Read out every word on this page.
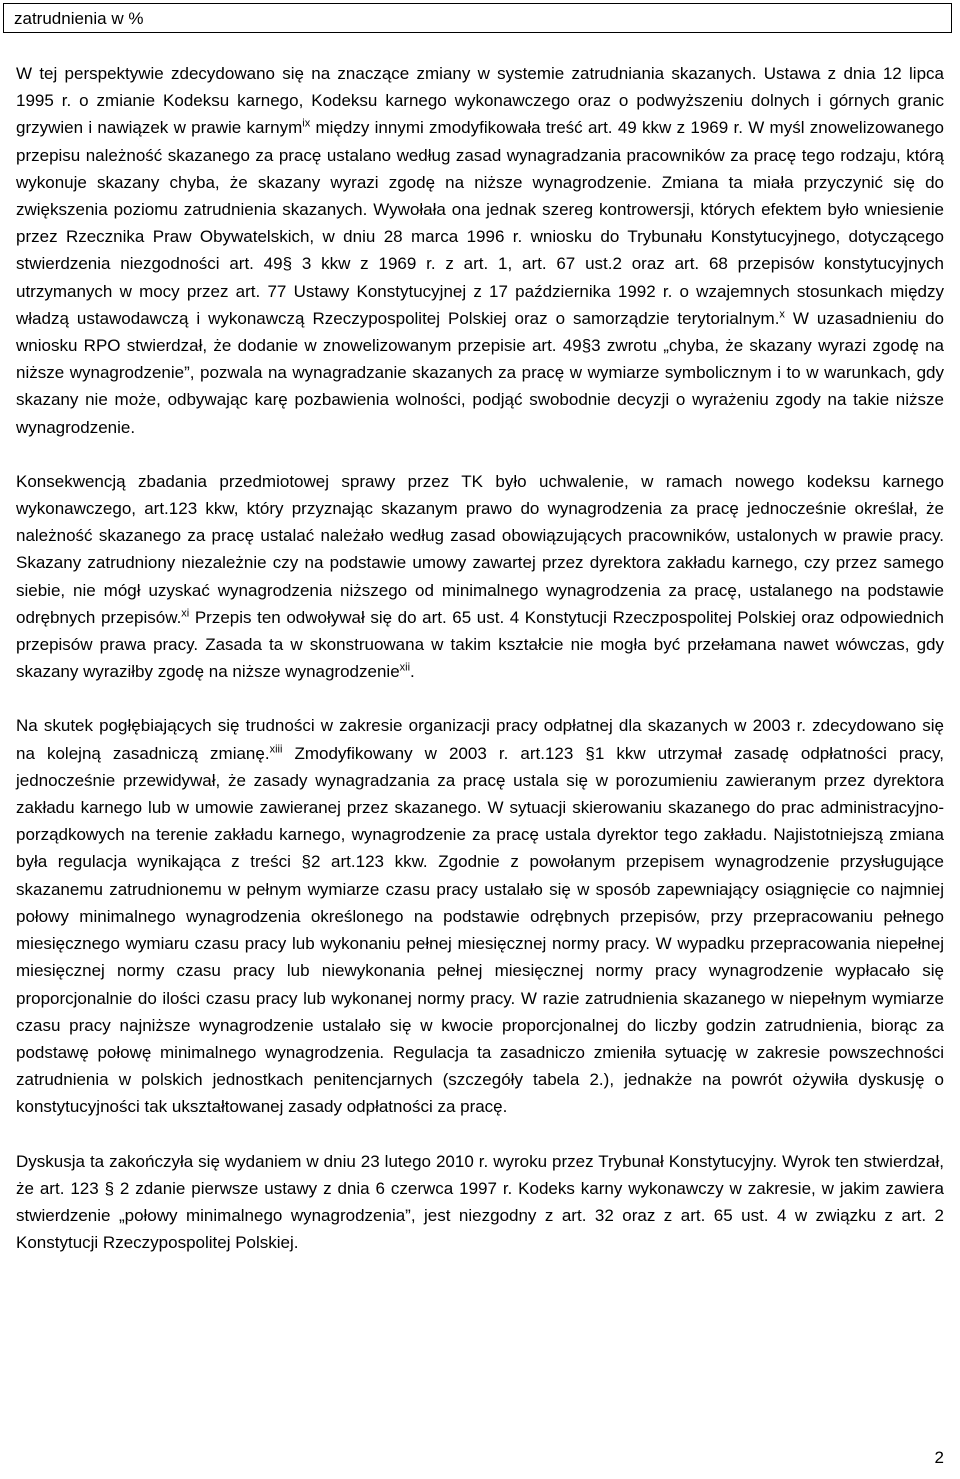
zatrudnienia w %

W tej perspektywie zdecydowano się na znaczące zmiany w systemie zatrudniania skazanych. Ustawa z dnia 12 lipca 1995 r. o zmianie Kodeksu karnego, Kodeksu karnego wykonawczego oraz o podwyższeniu dolnych i górnych granic grzywien i nawiązek w prawie karnym$^{ix}$ między innymi zmodyfikowała treść art. 49 kkw z 1969 r. W myśl znowelizowanego przepisu należność skazanego za pracę ustalano według zasad wynagradzania pracowników za pracę tego rodzaju, którą wykonuje skazany chyba, że skazany wyrazi zgodę na niższe wynagrodzenie. Zmiana ta miała przyczynić się do zwiększenia poziomu zatrudnienia skazanych. Wywołała ona jednak szereg kontrowersji, których efektem było wniesienie przez Rzecznika Praw Obywatelskich, w dniu 28 marca 1996 r. wniosku do Trybunału Konstytucyjnego, dotyczącego stwierdzenia niezgodności art. 49§ 3 kkw z 1969 r. z art. 1, art. 67 ust.2 oraz art. 68 przepisów konstytucyjnych utrzymanych w mocy przez art. 77 Ustawy Konstytucyjnej z 17 października 1992 r. o wzajemnych stosunkach między władzą ustawodawczą i wykonawczą Rzeczypospolitej Polskiej oraz o samorządzie terytorialnym.$^x$ W uzasadnieniu do wniosku RPO stwierdzał, że dodanie w znowelizowanym przepisie art. 49§3 zwrotu „chyba, że skazany wyrazi zgodę na niższe wynagrodzenie”, pozwala na wynagradzanie skazanych za pracę w wymiarze symbolicznym i to w warunkach, gdy skazany nie może, odbywając karę pozbawienia wolności, podjąć swobodnie decyzji o wyrażeniu zgody na takie niższe wynagrodzenie.

Konsekwencją zbadania przedmiotowej sprawy przez TK było uchwalenie, w ramach nowego kodeksu karnego wykonawczego, art.123 kkw, który przyznając skazanym prawo do wynagrodzenia za pracę jednocześnie określał, że należność skazanego za pracę ustalać należało według zasad obowiązujących pracowników, ustalonych w prawie pracy. Skazany zatrudniony niezależnie czy na podstawie umowy zawartej przez dyrektora zakładu karnego, czy przez samego siebie, nie mógł uzyskać wynagrodzenia niższego od minimalnego wynagrodzenia za pracę, ustalanego na podstawie odrębnych przepisów.$^{xi}$ Przepis ten odwoływał się do art. 65 ust. 4 Konstytucji Rzeczpospolitej Polskiej oraz odpowiednich przepisów prawa pracy. Zasada ta w skonstruowana w takim kształcie nie mogła być przełamana nawet wówczas, gdy skazany wyraziłby zgodę na niższe wynagrodzenie$^{xii}$.

Na skutek pogłębiających się trudności w zakresie organizacji pracy odpłatnej dla skazanych w 2003 r. zdecydowano się na kolejną zasadniczą zmianę.$^{xiii}$ Zmodyfikowany w 2003 r. art.123 §1 kkw utrzymał zasadę odpłatności pracy, jednocześnie przewidywał, że zasady wynagradzania za pracę ustala się w porozumieniu zawieranym przez dyrektora zakładu karnego lub w umowie zawieranej przez skazanego. W sytuacji skierowaniu skazanego do prac administracyjno-porządkowych na terenie zakładu karnego, wynagrodzenie za pracę ustala dyrektor tego zakładu. Najistotniejszą zmiana była regulacja wynikająca z treści §2 art.123 kkw. Zgodnie z powołanym przepisem wynagrodzenie przysługujące skazanemu zatrudnionemu w pełnym wymiarze czasu pracy ustalało się w sposób zapewniający osiągnięcie co najmniej połowy minimalnego wynagrodzenia określonego na podstawie odrębnych przepisów, przy przepracowaniu pełnego miesięcznego wymiaru czasu pracy lub wykonaniu pełnej miesięcznej normy pracy. W wypadku przepracowania niepełnej miesięcznej normy czasu pracy lub niewykonania pełnej miesięcznej normy pracy wynagrodzenie wypłacało się proporcjonalnie do ilości czasu pracy lub wykonanej normy pracy. W razie zatrudnienia skazanego w niepełnym wymiarze czasu pracy najniższe wynagrodzenie ustalało się w kwocie proporcjonalnej do liczby godzin zatrudnienia, biorąc za podstawę połowę minimalnego wynagrodzenia. Regulacja ta zasadniczo zmieniła sytuację w zakresie powszechności zatrudnienia w polskich jednostkach penitencjarnych (szczegóły tabela 2.), jednakże na powrót ożywiła dyskusję o konstytucyjności tak ukształtowanej zasady odpłatności za pracę.

Dyskusja ta zakończyła się wydaniem w dniu 23 lutego 2010 r. wyroku przez Trybunał Konstytucyjny. Wyrok ten stwierdzał, że art. 123 § 2 zdanie pierwsze ustawy z dnia 6 czerwca 1997 r. Kodeks karny wykonawczy w zakresie, w jakim zawiera stwierdzenie „połowy minimalnego wynagrodzenia”, jest niezgodny z art. 32 oraz z art. 65 ust. 4 w związku z art. 2 Konstytucji Rzeczypospolitej Polskiej.

2
